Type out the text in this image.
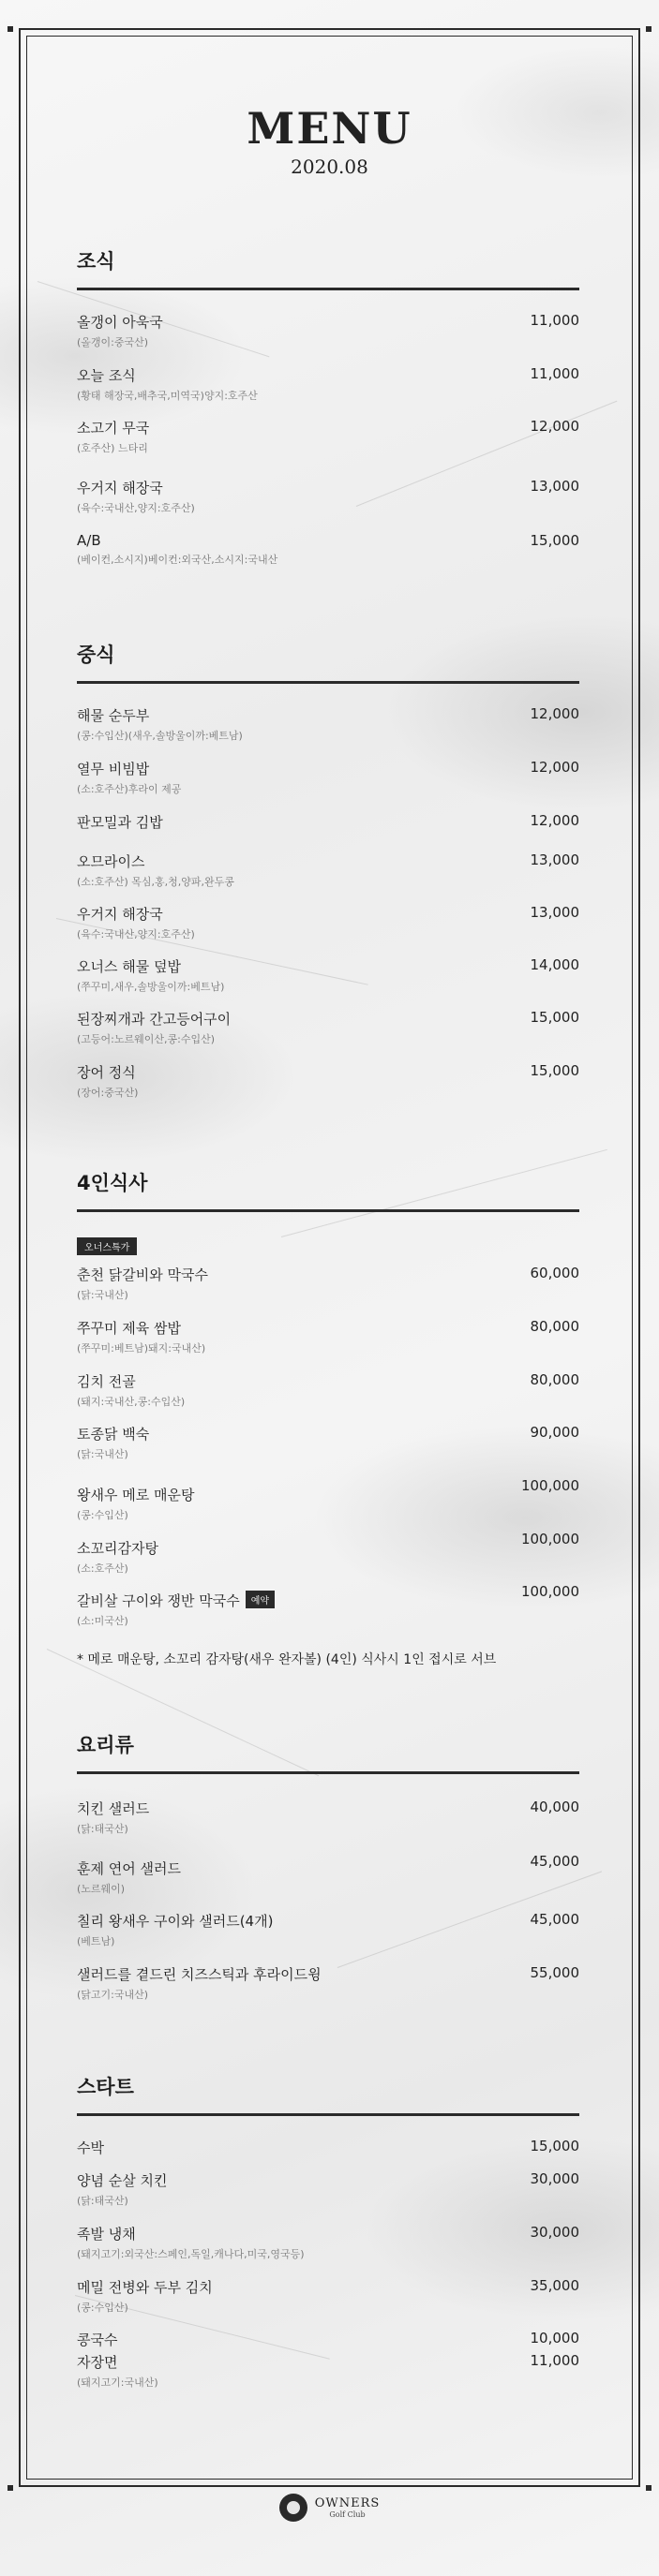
MENU
2020.08
조식
올갱이 아욱국
(올갱이:중국산)
11,000
오늘 조식
(황태 해장국,배추국,미역국)양지:호주산
11,000
소고기 무국
(호주산) 느타리
12,000
우거지 해장국
(육수:국내산,양지:호주산)
13,000
A/B
(베이컨,소시지)베이컨:외국산,소시지:국내산
15,000
중식
해물 순두부
(콩:수입산)(새우,솔방울이까:베트남)
12,000
열무 비빔밥
(소:호주산)후라이 제공
12,000
판모밀과 김밥	12,000
오므라이스
(소:호주산) 목심,홍,청,양파,완두콩
13,000
우거지 해장국
(육수:국내산,양지:호주산)
13,000
오너스 해물 덮밥
(쭈꾸미,새우,솔방울이까:베트남)
14,000
된장찌개과 간고등어구이
(고등어:노르웨이산,콩:수입산)
15,000
장어 정식
(장어:중국산)
15,000
4인식사
오너스특가
춘천 닭갈비와 막국수
(닭:국내산)
60,000
쭈꾸미 제육 쌈밥
(쭈꾸미:베트남)돼지:국내산)
80,000
김치 전골
(돼지:국내산,콩:수입산)
80,000
토종닭 백숙
(닭:국내산)
90,000
왕새우 메로 매운탕
(콩:수입산)
100,000
소꼬리감자탕
(소:호주산)
100,000
갈비살 구이와 쟁반 막국수 예약
(소:미국산)
100,000
* 메로 매운탕, 소꼬리 감자탕(새우 완자볼) (4인) 식사시 1인 접시로 서브
요리류
치킨 샐러드
(닭:태국산)
40,000
훈제 연어 샐러드
(노르웨이)
45,000
칠리 왕새우 구이와 샐러드(4개)
(베트남)
45,000
샐러드를 곁드린 치즈스틱과 후라이드윙
(닭고기:국내산)
55,000
스타트
수박	15,000
양념 순살 치킨
(닭:태국산)
30,000
족발 냉채
(돼지고기:외국산:스페인,독일,캐나다,미국,영국등)
30,000
메밀 전병와 두부 김치
(콩:수입산)
35,000
콩국수	10,000
자장면
(돼지고기:국내산)
11,000
OWNERS
Golf Club
